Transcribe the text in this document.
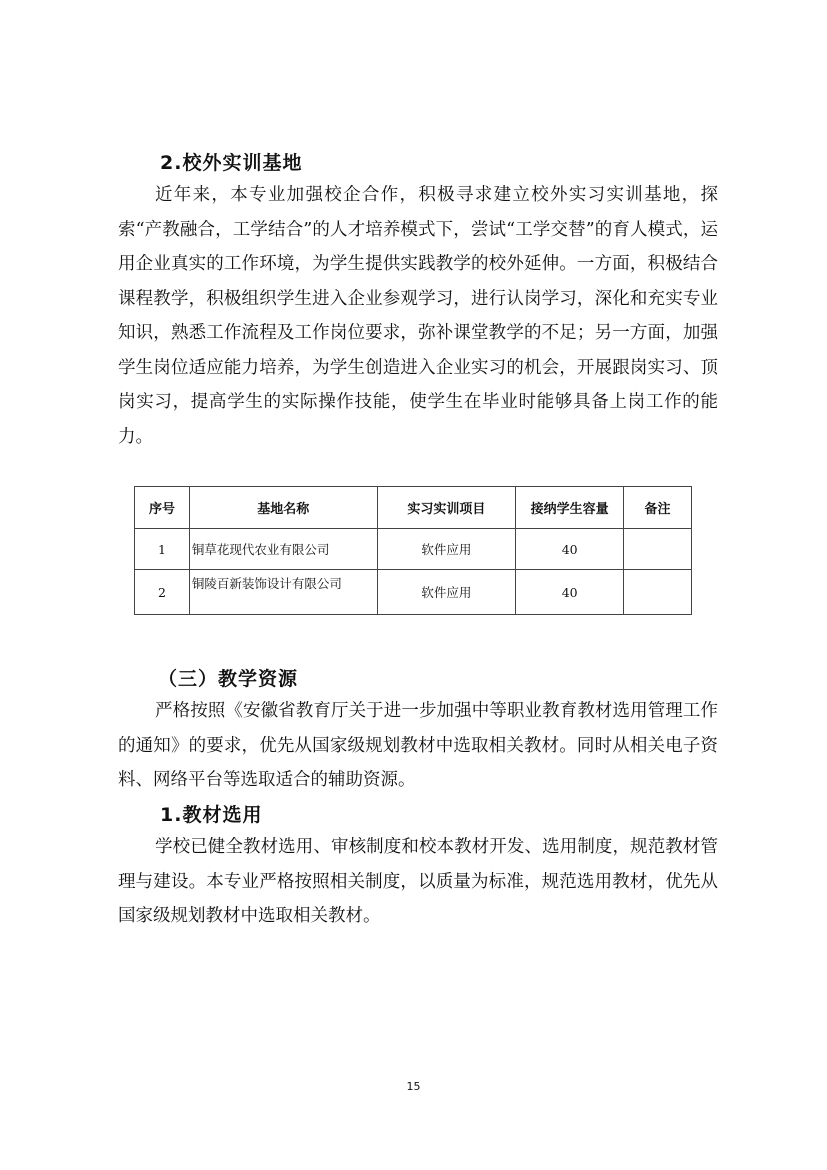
2.校外实训基地

近年来，本专业加强校企合作，积极寻求建立校外实习实训基地，探索“产教融合，工学结合”的人才培养模式下，尝试“工学交替”的育人模式，运用企业真实的工作环境，为学生提供实践教学的校外延伸。一方面，积极结合课程教学，积极组织学生进入企业参观学习，进行认岗学习，深化和充实专业知识，熟悉工作流程及工作岗位要求，弥补课堂教学的不足；另一方面，加强学生岗位适应能力培养，为学生创造进入企业实习的机会，开展跟岗实习、顶岗实习，提高学生的实际操作技能，使学生在毕业时能够具备上岗工作的能力。

序号	基地名称	实习实训项目	接纳学生容量	备注
1	铜草花现代农业有限公司	软件应用	40	
2	铜陵百新装饰设计有限公司	软件应用	40	
（三）教学资源

严格按照《安徽省教育厅关于进一步加强中等职业教育教材选用管理工作的通知》的要求，优先从国家级规划教材中选取相关教材。同时从相关电子资料、网络平台等选取适合的辅助资源。

1.教材选用

学校已健全教材选用、审核制度和校本教材开发、选用制度，规范教材管理与建设。本专业严格按照相关制度，以质量为标准，规范选用教材，优先从国家级规划教材中选取相关教材。

15
